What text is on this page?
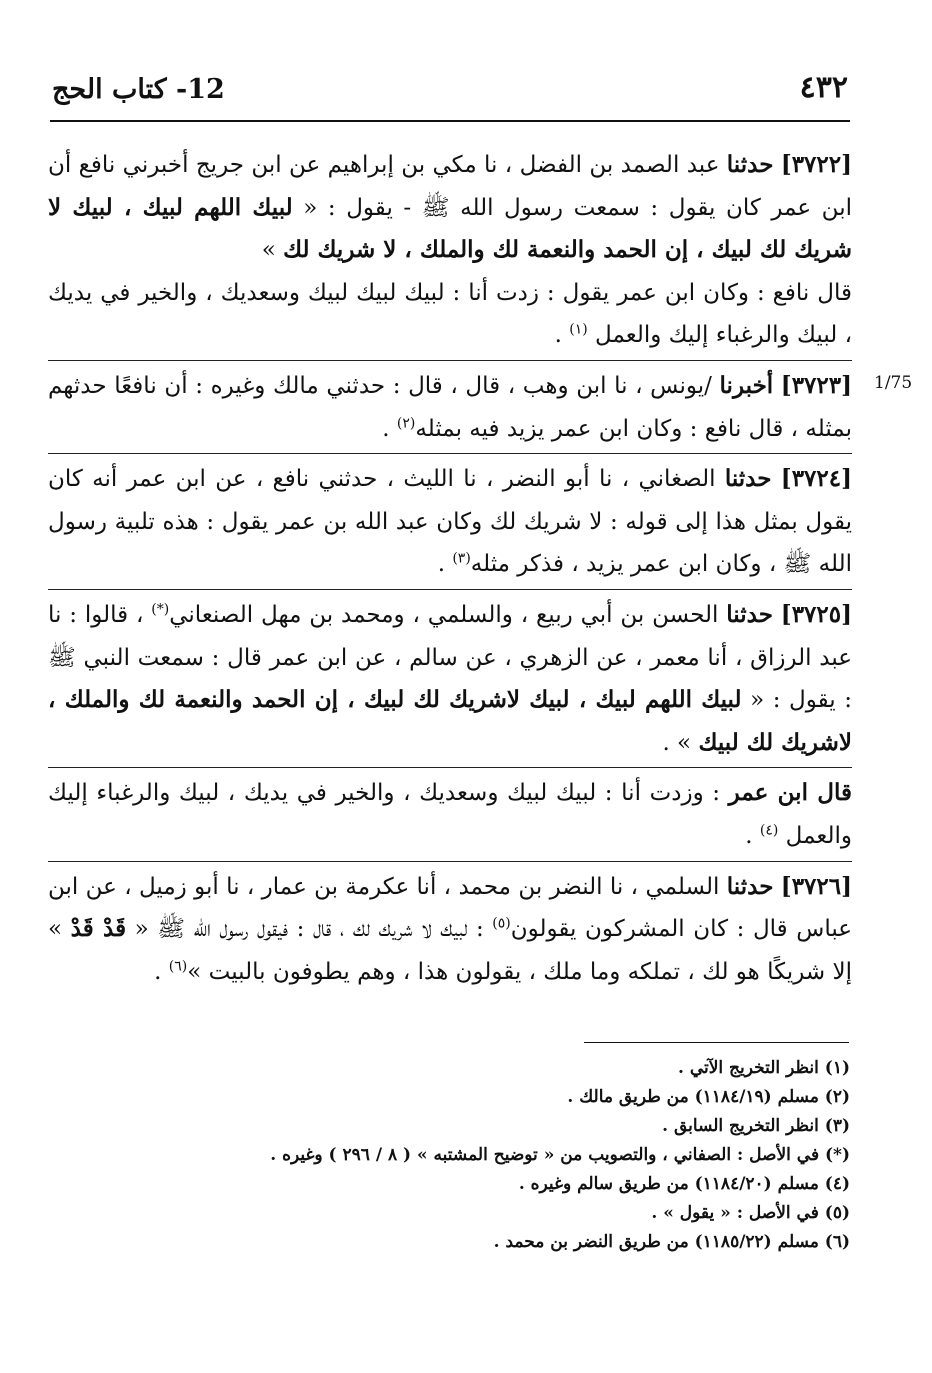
٤٣٢
12- كتاب الحج
1/75

[٣٧٢٢] حدثنا عبد الصمد بن الفضل ، نا مكي بن إبراهيم عن ابن جريج أخبرني نافع أن ابن عمر كان يقول : سمعت رسول الله ﷺ - يقول : « لبيك اللهم لبيك ، لبيك لا شريك لك لبيك ، إن الحمد والنعمة لك والملك ، لا شريك لك »
قال نافع : وكان ابن عمر يقول : زدت أنا : لبيك لبيك لبيك وسعديك ، والخير في يديك ، لبيك والرغباء إليك والعمل $^{(١)}$ .

[٣٧٢٣] أخبرنا /يونس ، نا ابن وهب ، قال ، قال : حدثني مالك وغيره : أن نافعًا حدثهم بمثله ، قال نافع : وكان ابن عمر يزيد فيه بمثله$^{(٢)}$ .

[٣٧٢٤] حدثنا الصغاني ، نا أبو النضر ، نا الليث ، حدثني نافع ، عن ابن عمر أنه كان يقول بمثل هذا إلى قوله : لا شريك لك وكان عبد الله بن عمر يقول : هذه تلبية رسول الله ﷺ ، وكان ابن عمر يزيد ، فذكر مثله$^{(٣)}$ .

[٣٧٢٥] حدثنا الحسن بن أبي ربيع ، والسلمي ، ومحمد بن مهل الصنعاني(*) ، قالوا : نا عبد الرزاق ، أنا معمر ، عن الزهري ، عن سالم ، عن ابن عمر قال : سمعت النبي ﷺ : يقول : « لبيك اللهم لبيك ، لبيك لاشريك لك لبيك ، إن الحمد والنعمة لك والملك ، لاشريك لك لبيك » .

قال ابن عمر : وزدت أنا : لبيك لبيك وسعديك ، والخير في يديك ، لبيك والرغباء إليك والعمل $^{(٤)}$ .

[٣٧٢٦] حدثنا السلمي ، نا النضر بن محمد ، أنا عكرمة بن عمار ، نا أبو زميل ، عن ابن عباس قال : كان المشركون يقولون$^{(٥)}$ : لبيك لا شريك لك ، قال : فيقول رسول الله ﷺ « قَدْ قَدْ » إلا شريكًا هو لك ، تملكه وما ملك ، يقولون هذا ، وهم يطوفون بالبيت »$^{(٦)}$ .

(١) انظر التخريج الآتي .
(٢) مسلم (١١٨٤/١٩) من طريق مالك .
(٣) انظر التخريج السابق .
(*) في الأصل : الصفاني ، والتصويب من « توضيح المشتبه » ( ٨ / ٢٩٦ ) وغيره .
(٤) مسلم (١١٨٤/٢٠) من طريق سالم وغيره .
(٥) في الأصل : « يقول » .
(٦) مسلم (١١٨٥/٢٢) من طريق النضر بن محمد .
